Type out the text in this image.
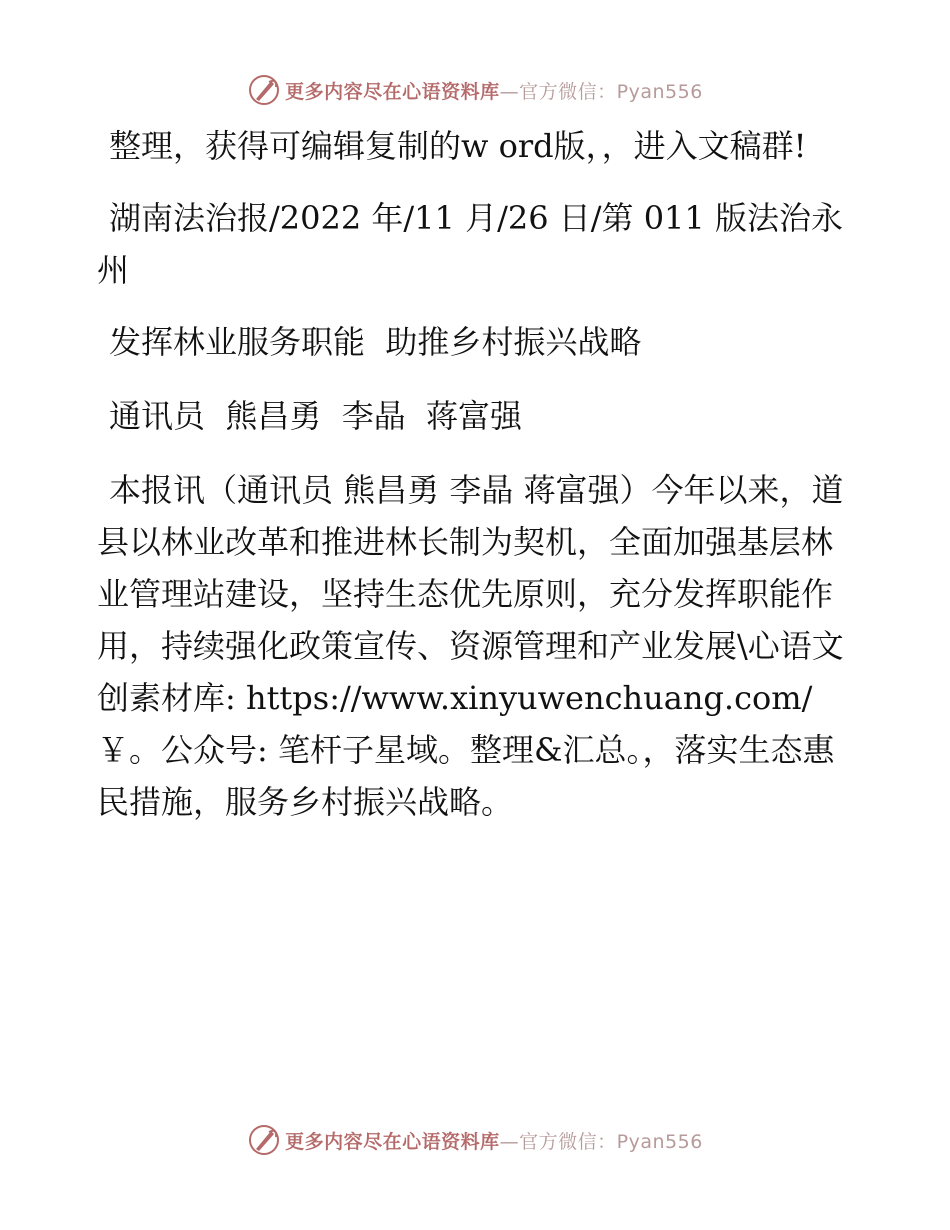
更多内容尽在心语资料库—官方微信：Pyan556

整理，获得可编辑复制的w ord版，，进入文稿群!

湖南法治报/2022 年/11 月/26 日/第 011 版法治永州

发挥林业服务职能  助推乡村振兴战略

通讯员  熊昌勇  李晶  蒋富强

本报讯（通讯员 熊昌勇 李晶 蒋富强）今年以来，道县以林业改革和推进林长制为契机，全面加强基层林业管理站建设，坚持生态优先原则，充分发挥职能作用，持续强化政策宣传、资源管理和产业发展\心语文创素材库: https://www.xinyuwenchuang.com/￥。公众号: 笔杆子星域。整理&汇总。，落实生态惠民措施，服务乡村振兴战略。

更多内容尽在心语资料库—官方微信：Pyan556
